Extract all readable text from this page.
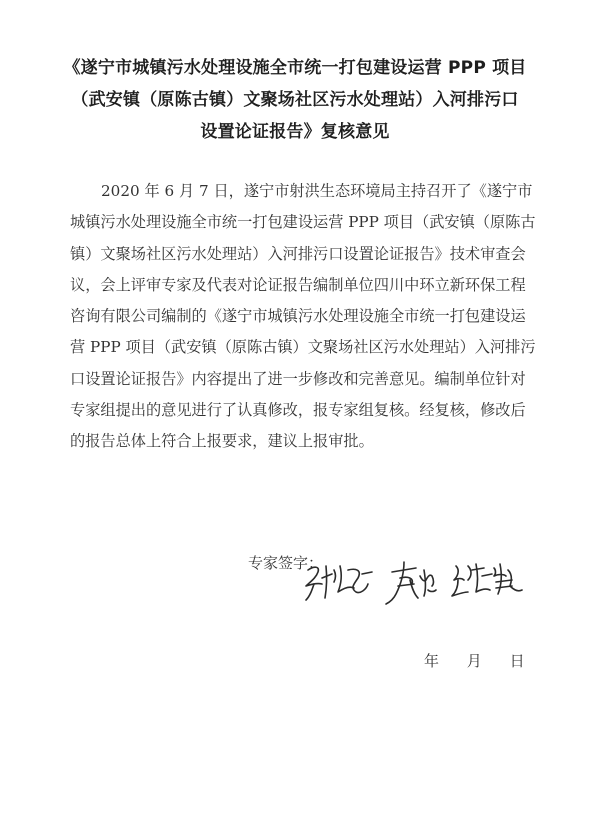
《遂宁市城镇污水处理设施全市统一打包建设运营 PPP 项目
（武安镇（原陈古镇）文聚场社区污水处理站）入河排污口
设置论证报告》复核意见
2020 年 6 月 7 日，遂宁市射洪生态环境局主持召开了《遂宁市
城镇污水处理设施全市统一打包建设运营 PPP 项目（武安镇（原陈古
镇）文聚场社区污水处理站）入河排污口设置论证报告》技术审查会
议，会上评审专家及代表对论证报告编制单位四川中环立新环保工程
咨询有限公司编制的《遂宁市城镇污水处理设施全市统一打包建设运
营 PPP 项目（武安镇（原陈古镇）文聚场社区污水处理站）入河排污
口设置论证报告》内容提出了进一步修改和完善意见。编制单位针对
专家组提出的意见进行了认真修改，报专家组复核。经复核，修改后
的报告总体上符合上报要求，建议上报审批。
专家签字：
年 月 日
